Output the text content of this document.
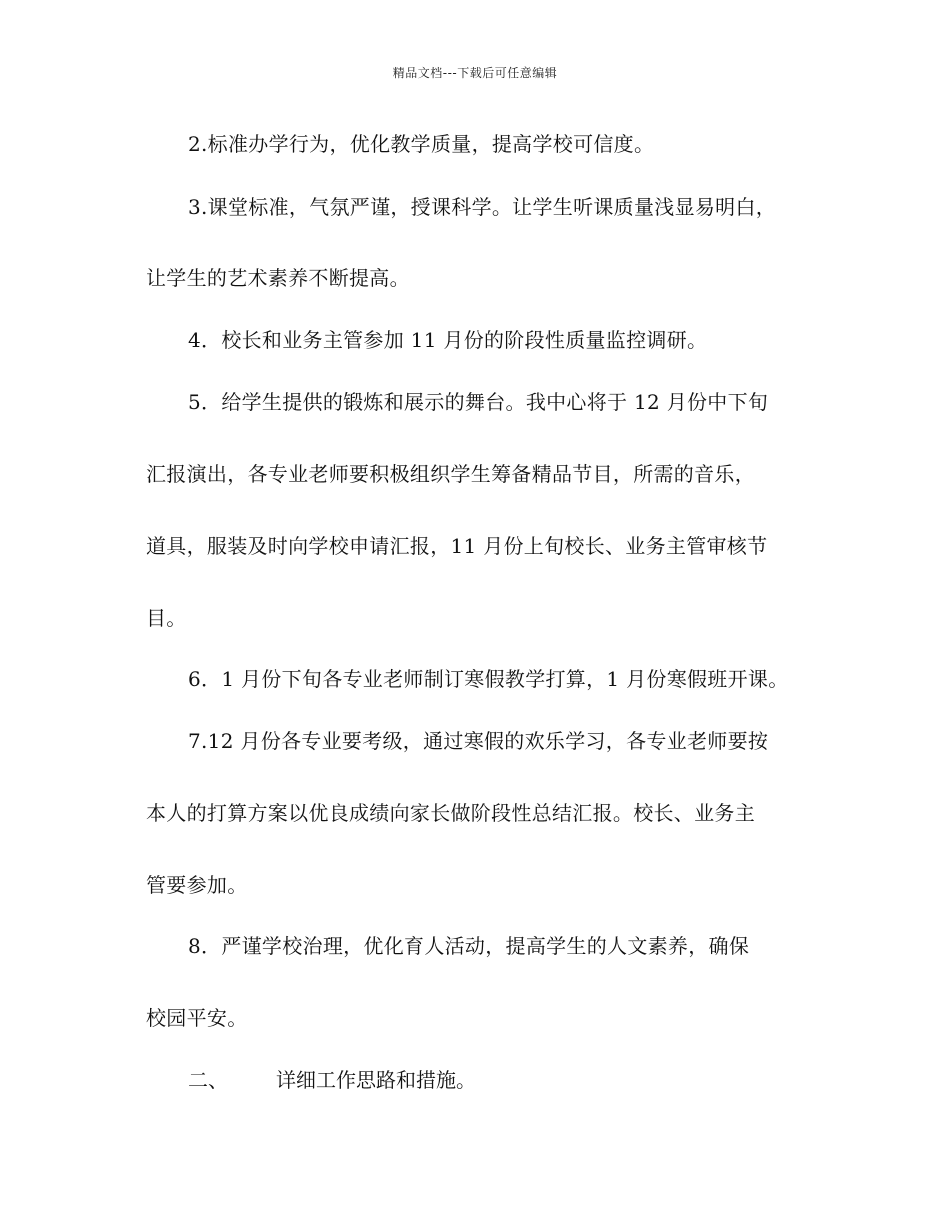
精品文档---下载后可任意编辑
2.标准办学行为，优化教学质量，提高学校可信度。
3.课堂标准，气氛严谨，授课科学。让学生听课质量浅显易明白，
让学生的艺术素养不断提高。
4．校长和业务主管参加 11 月份的阶段性质量监控调研。
5．给学生提供的锻炼和展示的舞台。我中心将于 12 月份中下旬
汇报演出，各专业老师要积极组织学生筹备精品节目，所需的音乐，
道具，服装及时向学校申请汇报，11 月份上旬校长、业务主管审核节
目。
6．1 月份下旬各专业老师制订寒假教学打算，1 月份寒假班开课。
7.12 月份各专业要考级，通过寒假的欢乐学习，各专业老师要按
本人的打算方案以优良成绩向家长做阶段性总结汇报。校长、业务主
管要参加。
8．严谨学校治理，优化育人活动，提高学生的人文素养，确保
校园平安。
二、 详细工作思路和措施。
